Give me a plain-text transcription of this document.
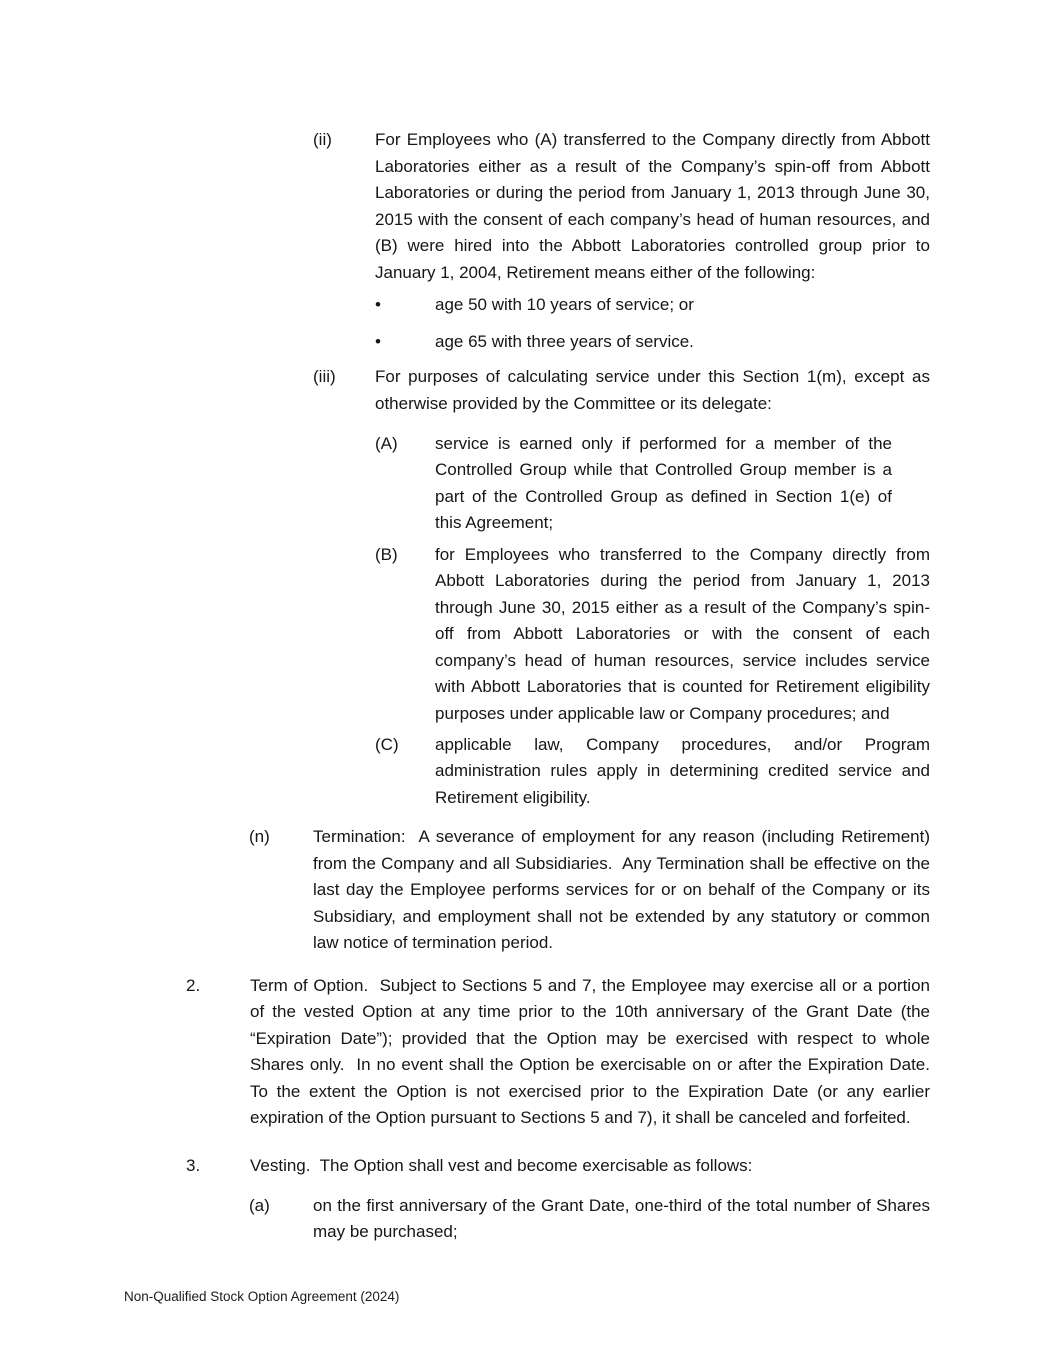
(ii)	For Employees who (A) transferred to the Company directly from Abbott Laboratories either as a result of the Company’s spin-off from Abbott Laboratories or during the period from January 1, 2013 through June 30, 2015 with the consent of each company’s head of human resources, and (B) were hired into the Abbott Laboratories controlled group prior to January 1, 2004, Retirement means either of the following:
•	age 50 with 10 years of service; or
•	age 65 with three years of service.
(iii)	For purposes of calculating service under this Section 1(m), except as otherwise provided by the Committee or its delegate:
(A)	service is earned only if performed for a member of the Controlled Group while that Controlled Group member is a part of the Controlled Group as defined in Section 1(e) of this Agreement;
(B)	for Employees who transferred to the Company directly from Abbott Laboratories during the period from January 1, 2013 through June 30, 2015 either as a result of the Company’s spin-off from Abbott Laboratories or with the consent of each company’s head of human resources, service includes service with Abbott Laboratories that is counted for Retirement eligibility purposes under applicable law or Company procedures; and
(C)	applicable law, Company procedures, and/or Program administration rules apply in determining credited service and Retirement eligibility.
(n)	Termination:  A severance of employment for any reason (including Retirement) from the Company and all Subsidiaries.  Any Termination shall be effective on the last day the Employee performs services for or on behalf of the Company or its Subsidiary, and employment shall not be extended by any statutory or common law notice of termination period.
2.	Term of Option.  Subject to Sections 5 and 7, the Employee may exercise all or a portion of the vested Option at any time prior to the 10th anniversary of the Grant Date (the “Expiration Date”); provided that the Option may be exercised with respect to whole Shares only.  In no event shall the Option be exercisable on or after the Expiration Date.  To the extent the Option is not exercised prior to the Expiration Date (or any earlier expiration of the Option pursuant to Sections 5 and 7), it shall be canceled and forfeited.
3.	Vesting.  The Option shall vest and become exercisable as follows:
(a)	on the first anniversary of the Grant Date, one-third of the total number of Shares may be purchased;
Non-Qualified Stock Option Agreement (2024)
